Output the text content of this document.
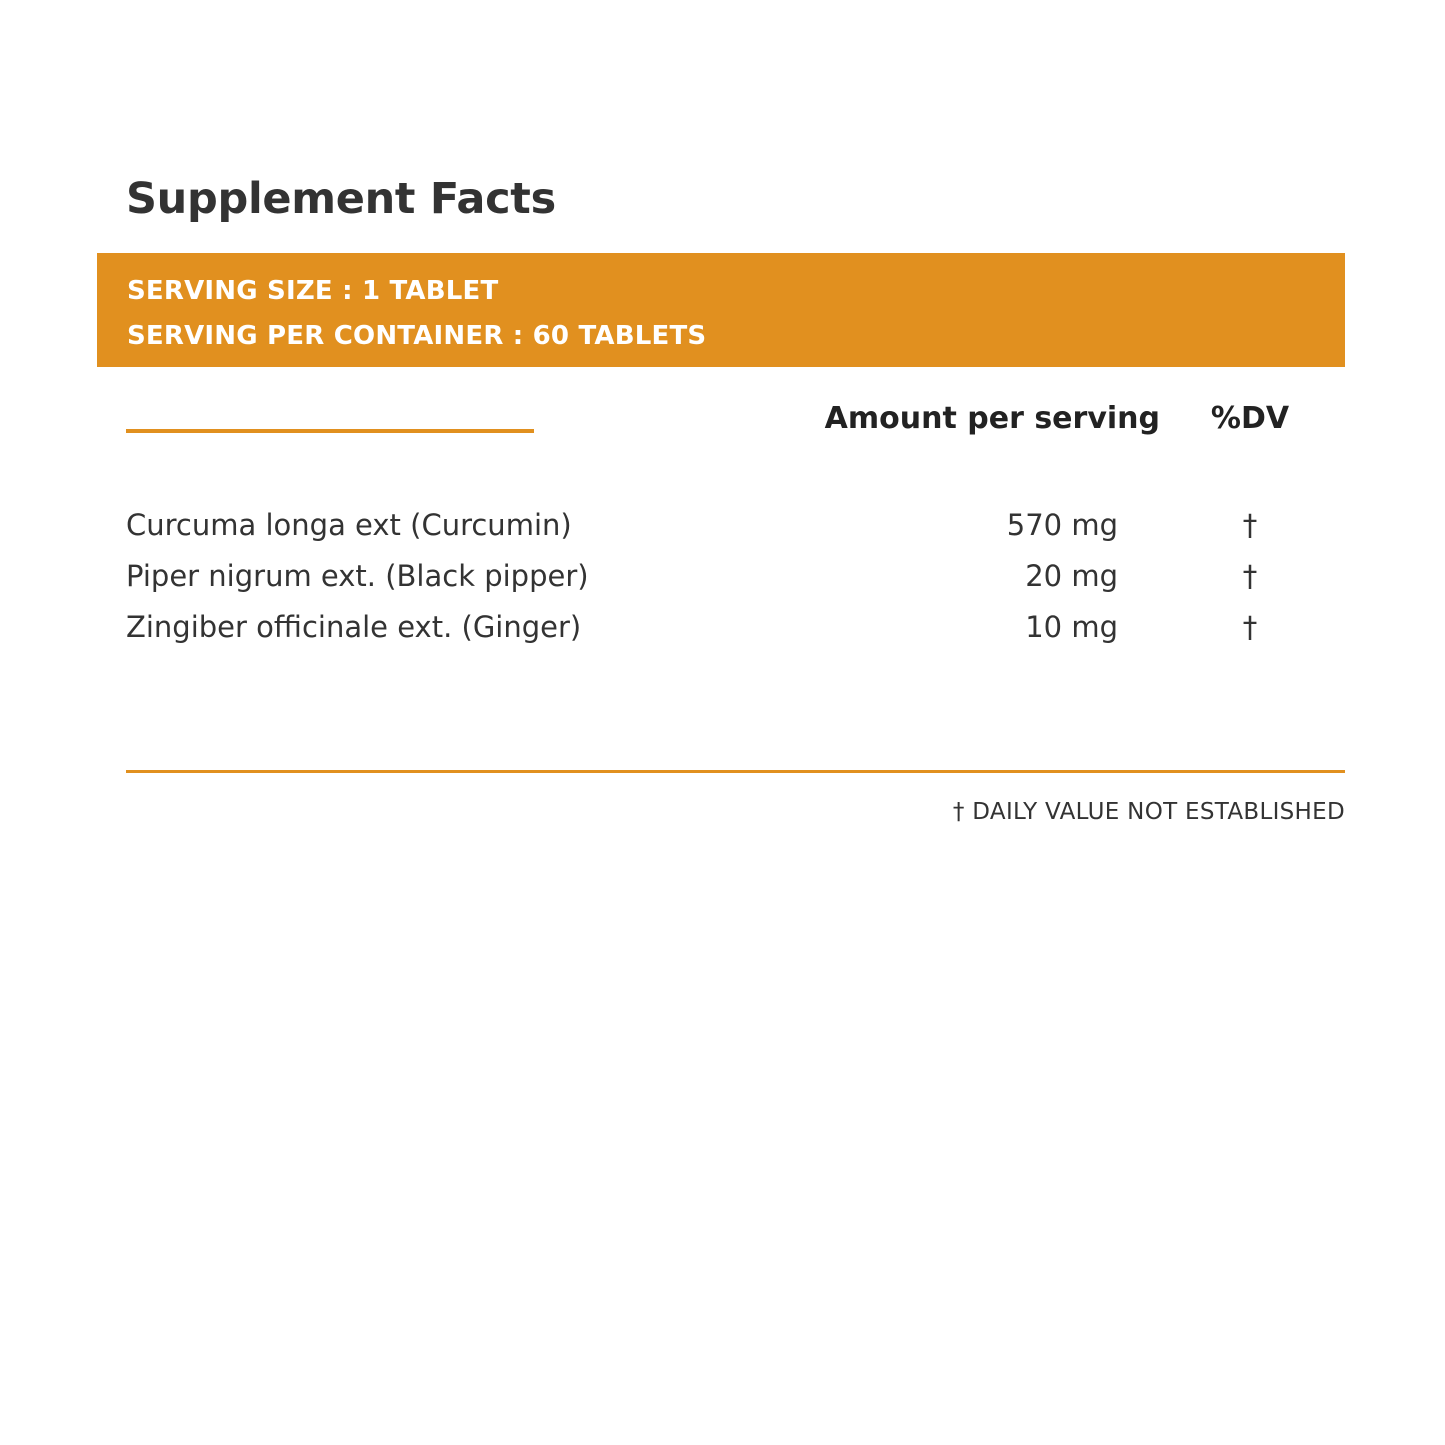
Supplement Facts
SERVING SIZE : 1 TABLET
SERVING PER CONTAINER : 60 TABLETS
Amount per serving	%DV
Curcuma longa ext (Curcumin)	570 mg	†
Piper nigrum ext. (Black pipper)	20 mg	†
Zingiber officinale ext. (Ginger)	10 mg	†
† DAILY VALUE NOT ESTABLISHED
